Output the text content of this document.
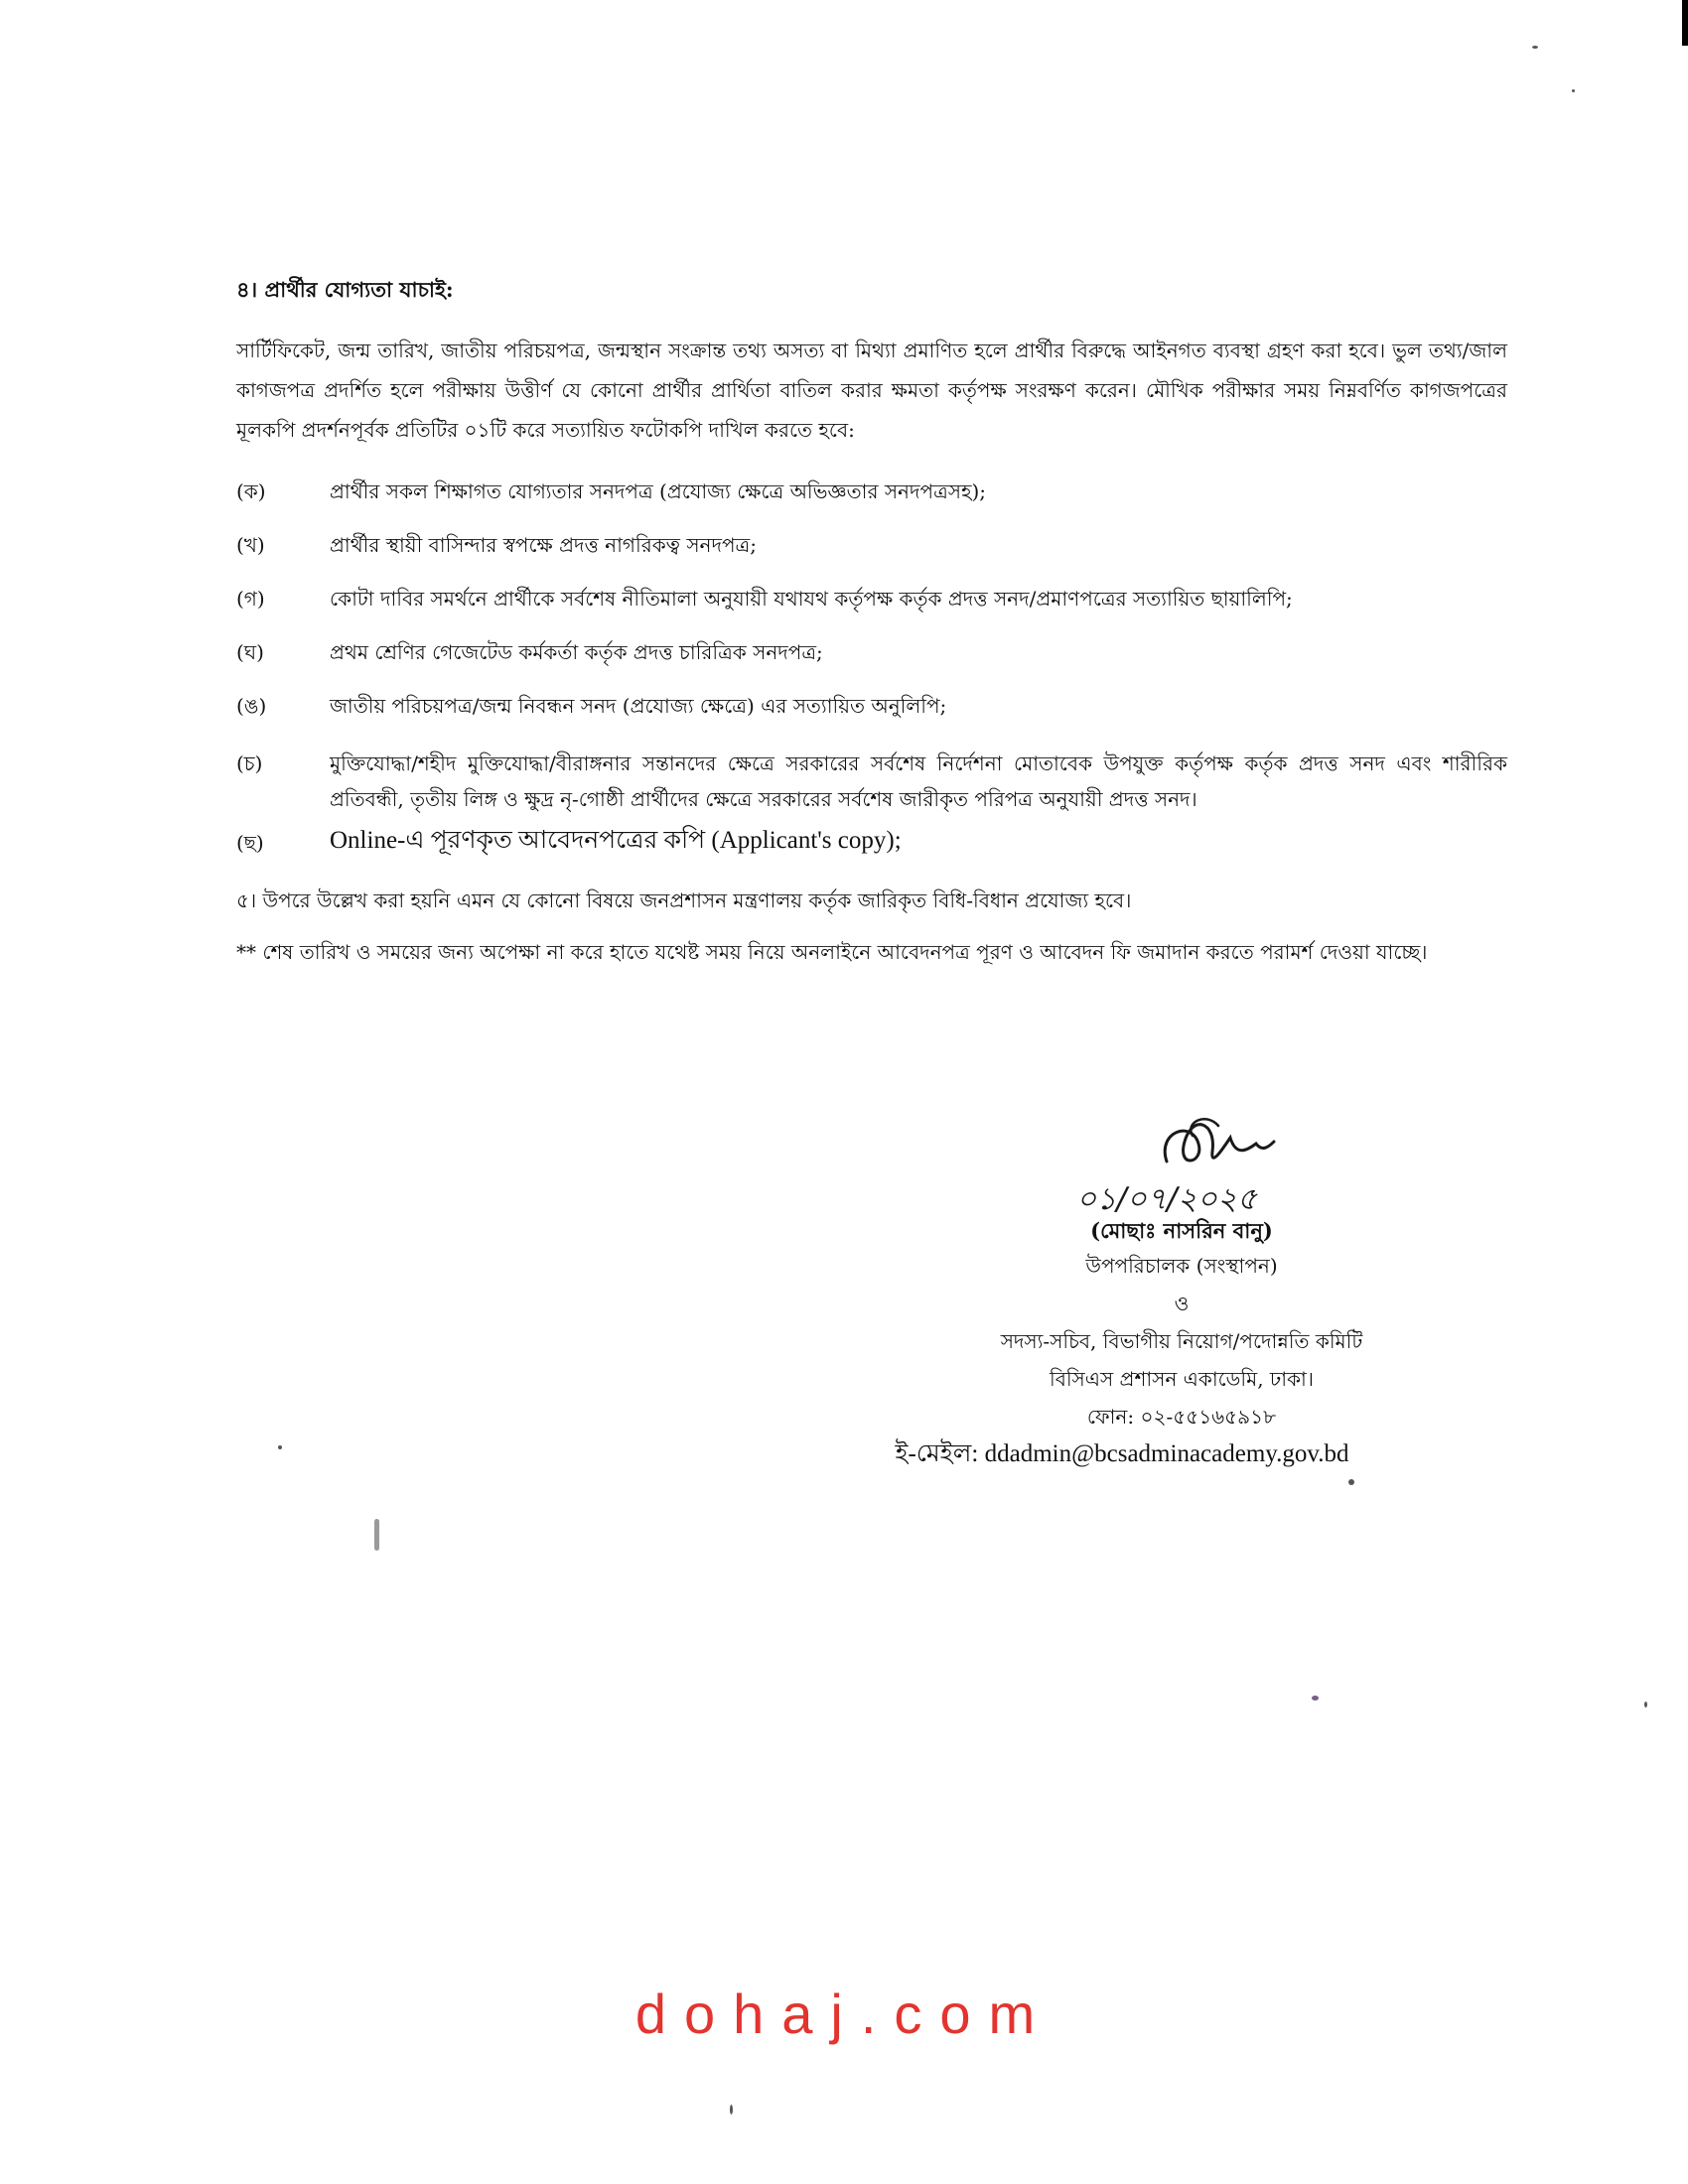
৪। প্রার্থীর যোগ্যতা যাচাই:

সার্টিফিকেট, জন্ম তারিখ, জাতীয় পরিচয়পত্র, জন্মস্থান সংক্রান্ত তথ্য অসত্য বা মিথ্যা প্রমাণিত হলে প্রার্থীর বিরুদ্ধে আইনগত ব্যবস্থা গ্রহণ করা হবে। ভুল তথ্য/জাল কাগজপত্র প্রদর্শিত হলে পরীক্ষায় উত্তীর্ণ যে কোনো প্রার্থীর প্রার্থিতা বাতিল করার ক্ষমতা কর্তৃপক্ষ সংরক্ষণ করেন। মৌখিক পরীক্ষার সময় নিম্নবর্ণিত কাগজপত্রের মূলকপি প্রদর্শনপূর্বক প্রতিটির ০১টি করে সত্যায়িত ফটোকপি দাখিল করতে হবে:

(ক)	প্রার্থীর সকল শিক্ষাগত যোগ্যতার সনদপত্র (প্রযোজ্য ক্ষেত্রে অভিজ্ঞতার সনদপত্রসহ);
(খ)	প্রার্থীর স্থায়ী বাসিন্দার স্বপক্ষে প্রদত্ত নাগরিকত্ব সনদপত্র;
(গ)	কোটা দাবির সমর্থনে প্রার্থীকে সর্বশেষ নীতিমালা অনুযায়ী যথাযথ কর্তৃপক্ষ কর্তৃক প্রদত্ত সনদ/প্রমাণপত্রের সত্যায়িত ছায়ালিপি;
(ঘ)	প্রথম শ্রেণির গেজেটেড কর্মকর্তা কর্তৃক প্রদত্ত চারিত্রিক সনদপত্র;
(ঙ)	জাতীয় পরিচয়পত্র/জন্ম নিবন্ধন সনদ (প্রযোজ্য ক্ষেত্রে) এর সত্যায়িত অনুলিপি;
(চ)	মুক্তিযোদ্ধা/শহীদ মুক্তিযোদ্ধা/বীরাঙ্গনার সন্তানদের ক্ষেত্রে সরকারের সর্বশেষ নির্দেশনা মোতাবেক উপযুক্ত কর্তৃপক্ষ কর্তৃক প্রদত্ত সনদ এবং শারীরিক প্রতিবন্ধী, তৃতীয় লিঙ্গ ও ক্ষুদ্র নৃ-গোষ্ঠী প্রার্থীদের ক্ষেত্রে সরকারের সর্বশেষ জারীকৃত পরিপত্র অনুযায়ী প্রদত্ত সনদ।
(ছ)	Online-এ পূরণকৃত আবেদনপত্রের কপি (Applicant's copy);

৫। উপরে উল্লেখ করা হয়নি এমন যে কোনো বিষয়ে জনপ্রশাসন মন্ত্রণালয় কর্তৃক জারিকৃত বিধি-বিধান প্রযোজ্য হবে।

** শেষ তারিখ ও সময়ের জন্য অপেক্ষা না করে হাতে যথেষ্ট সময় নিয়ে অনলাইনে আবেদনপত্র পূরণ ও আবেদন ফি জমাদান করতে পরামর্শ দেওয়া যাচ্ছে।

০১/০৭/২০২৫
(মোছাঃ নাসরিন বানু)
উপপরিচালক (সংস্থাপন)
ও
সদস্য-সচিব, বিভাগীয় নিয়োগ/পদোন্নতি কমিটি
বিসিএস প্রশাসন একাডেমি, ঢাকা।
ফোন: ০২-৫৫১৬৫৯১৮
ই-মেইল: ddadmin@bcsadminacademy.gov.bd
dohaj.com
